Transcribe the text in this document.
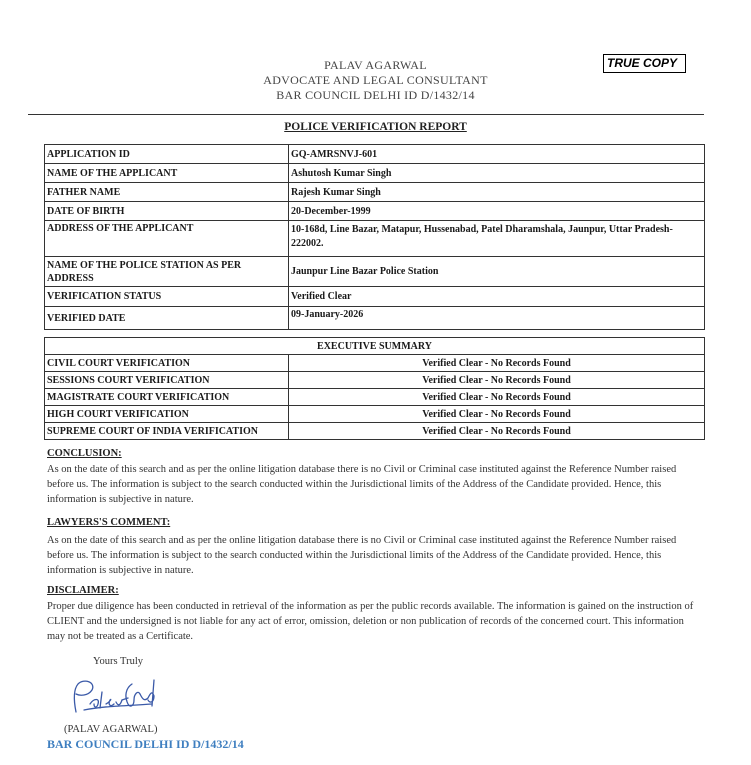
TRUE COPY
PALAV AGARWAL
ADVOCATE AND LEGAL CONSULTANT
BAR COUNCIL DELHI ID D/1432/14
POLICE VERIFICATION REPORT
APPLICATION ID	GQ-AMRSNVJ-601
NAME OF THE APPLICANT	Ashutosh Kumar Singh
FATHER NAME	Rajesh Kumar Singh
DATE OF BIRTH	20-December-1999
ADDRESS OF THE APPLICANT	10-168d, Line Bazar, Matapur, Hussenabad, Patel Dharamshala, Jaunpur, Uttar Pradesh-222002.
NAME OF THE POLICE STATION AS PER ADDRESS	Jaunpur Line Bazar Police Station
VERIFICATION STATUS	Verified Clear
VERIFIED DATE	09-January-2026
EXECUTIVE SUMMARY	
CIVIL COURT VERIFICATION	Verified Clear - No Records Found
SESSIONS COURT VERIFICATION	Verified Clear - No Records Found
MAGISTRATE COURT VERIFICATION	Verified Clear - No Records Found
HIGH COURT VERIFICATION	Verified Clear - No Records Found
SUPREME COURT OF INDIA VERIFICATION	Verified Clear - No Records Found
CONCLUSION:
As on the date of this search and as per the online litigation database there is no Civil or Criminal case instituted against the Reference Number raised before us. The information is subject to the search conducted within the Jurisdictional limits of the Address of the Candidate provided. Hence, this information is subjective in nature.
LAWYERS'S COMMENT:
As on the date of this search and as per the online litigation database there is no Civil or Criminal case instituted against the Reference Number raised before us. The information is subject to the search conducted within the Jurisdictional limits of the Address of the Candidate provided. Hence, this information is subjective in nature.
DISCLAIMER:
Proper due diligence has been conducted in retrieval of the information as per the public records available. The information is gained on the instruction of CLIENT and the undersigned is not liable for any act of error, omission, deletion or non publication of records of the concerned court. This information may not be treated as a Certificate.
Yours Truly
(PALAV AGARWAL)
BAR COUNCIL DELHI ID D/1432/14
